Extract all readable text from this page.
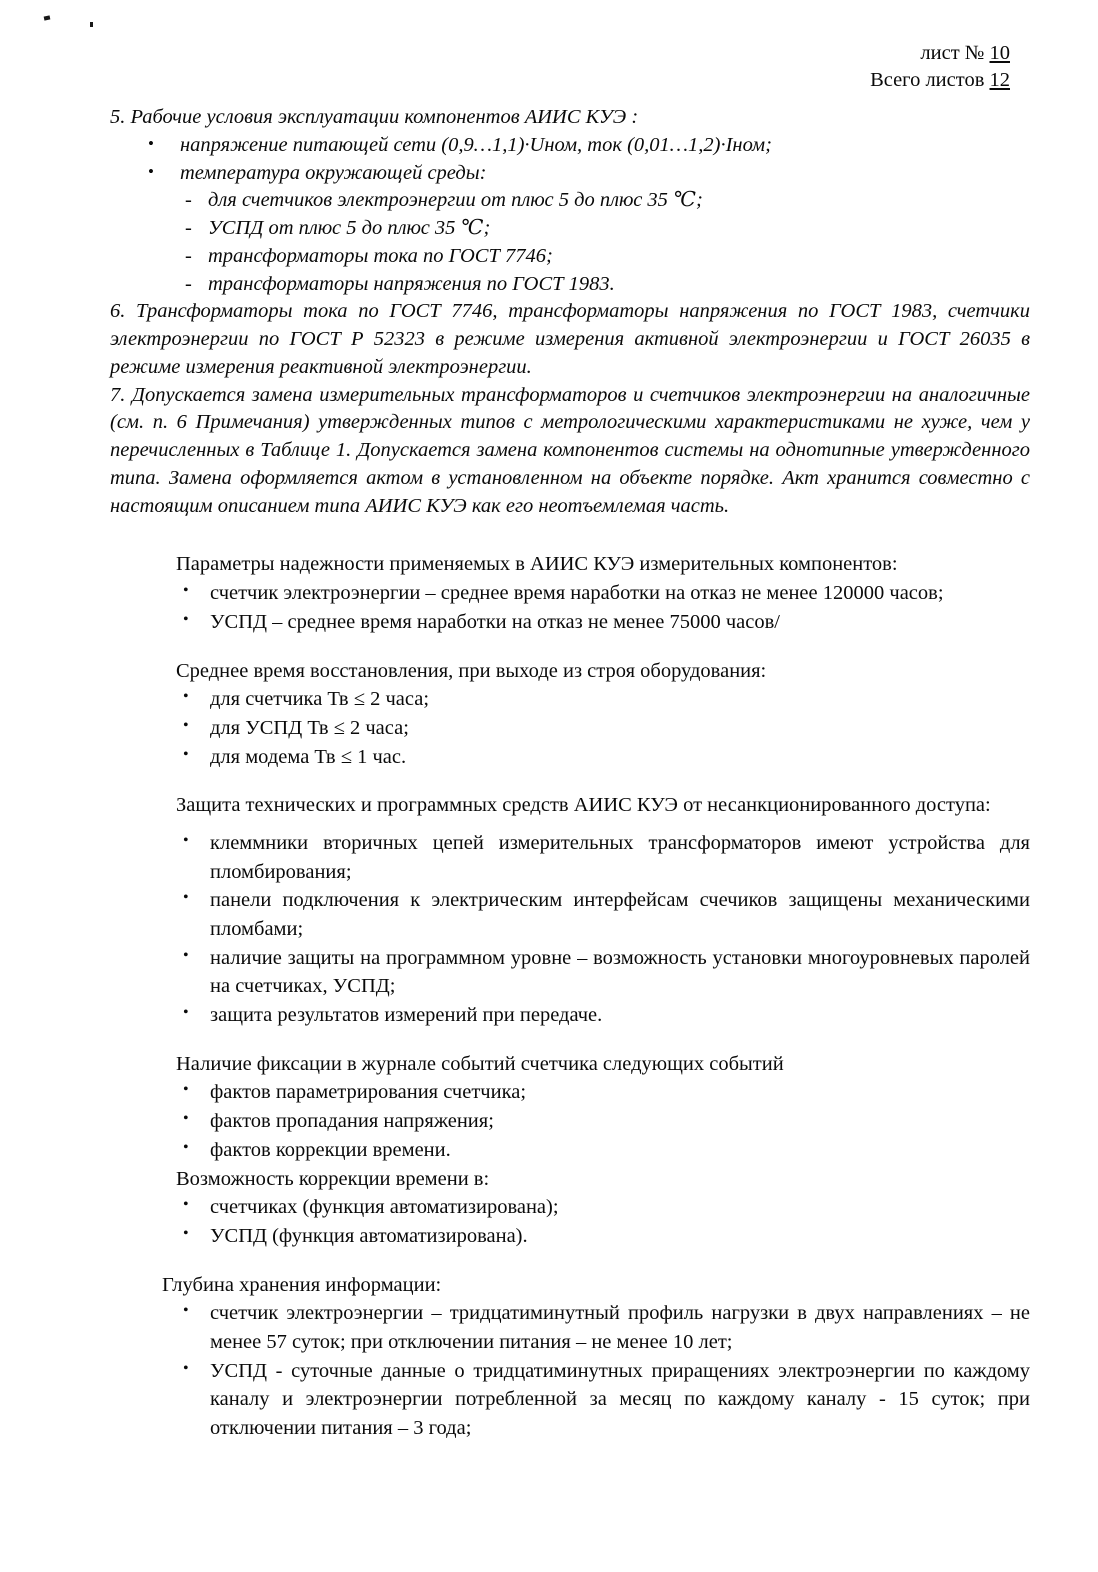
лист № 10
Всего листов 12

5. Рабочие условия эксплуатации компонентов АИИС КУЭ :

•	напряжение питающей сети (0,9…1,1)·Uном, ток (0,01…1,2)·Iном;
•	температура окружающей среды:
- для счетчиков электроэнергии от плюс 5 до плюс 35 ℃;
- УСПД от плюс 5 до плюс 35 ℃;
- трансформаторы тока по ГОСТ 7746;
- трансформаторы напряжения по ГОСТ 1983.

6. Трансформаторы тока по ГОСТ 7746, трансформаторы напряжения по ГОСТ 1983, счетчики электроэнергии по ГОСТ Р 52323 в режиме измерения активной электроэнергии и ГОСТ 26035 в режиме измерения реактивной электроэнергии.

7. Допускается замена измерительных трансформаторов и счетчиков электроэнергии на аналогичные (см. п. 6 Примечания) утвержденных типов с метрологическими характеристиками не хуже, чем у перечисленных в Таблице 1. Допускается замена компонентов системы на однотипные утвержденного типа. Замена оформляется актом в установленном на объекте порядке. Акт хранится совместно с настоящим описанием типа АИИС КУЭ как его неотъемлемая часть.

Параметры надежности применяемых в АИИС КУЭ измерительных компонентов:

•	счетчик электроэнергии – среднее время наработки на отказ не менее 120000 часов;
•	УСПД – среднее время наработки на отказ не менее 75000 часов/

Среднее время восстановления, при выходе из строя оборудования:

•	для счетчика Тв ≤ 2 часа;
•	для УСПД Тв ≤ 2 часа;
•	для модема Тв ≤ 1 час.

Защита технических и программных средств АИИС КУЭ от несанкционированного доступа:

•	клеммники вторичных цепей измерительных трансформаторов имеют устройства для пломбирования;
•	панели подключения к электрическим интерфейсам счечиков защищены механическими пломбами;
•	наличие защиты на программном уровне – возможность установки многоуровневых паролей на счетчиках, УСПД;
•	защита результатов измерений при передаче.

Наличие фиксации в журнале событий счетчика следующих событий

•	фактов параметрирования счетчика;
•	фактов пропадания напряжения;
•	фактов коррекции времени.

Возможность коррекции времени в:

•	счетчиках (функция автоматизирована);
•	УСПД (функция автоматизирована).

Глубина хранения информации:

•	счетчик электроэнергии – тридцатиминутный профиль нагрузки в двух направлениях – не менее 57 суток; при отключении питания – не менее 10 лет;
•	УСПД - суточные данные о тридцатиминутных приращениях электроэнергии по каждому каналу и электроэнергии потребленной за месяц по каждому каналу - 15 суток; при отключении питания – 3 года;
